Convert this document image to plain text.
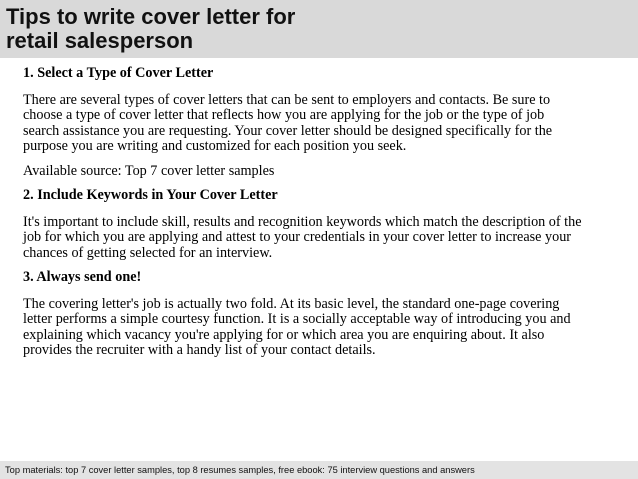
Tips to write cover letter for
retail salesperson

1. Select a Type of Cover Letter

There are several types of cover letters that can be sent to employers and contacts. Be sure to
choose a type of cover letter that reflects how you are applying for the job or the type of job
search assistance you are requesting. Your cover letter should be designed specifically for the
purpose you are writing and customized for each position you seek.

Available source: Top 7 cover letter samples

2. Include Keywords in Your Cover Letter

It's important to include skill, results and recognition keywords which match the description of the
job for which you are applying and attest to your credentials in your cover letter to increase your
chances of getting selected for an interview.

3. Always send one!

The covering letter's job is actually two fold. At its basic level, the standard one-page covering
letter performs a simple courtesy function. It is a socially acceptable way of introducing you and
explaining which vacancy you're applying for or which area you are enquiring about. It also
provides the recruiter with a handy list of your contact details.

Top materials: top 7 cover letter samples, top 8 resumes samples, free ebook: 75 interview questions and answers
